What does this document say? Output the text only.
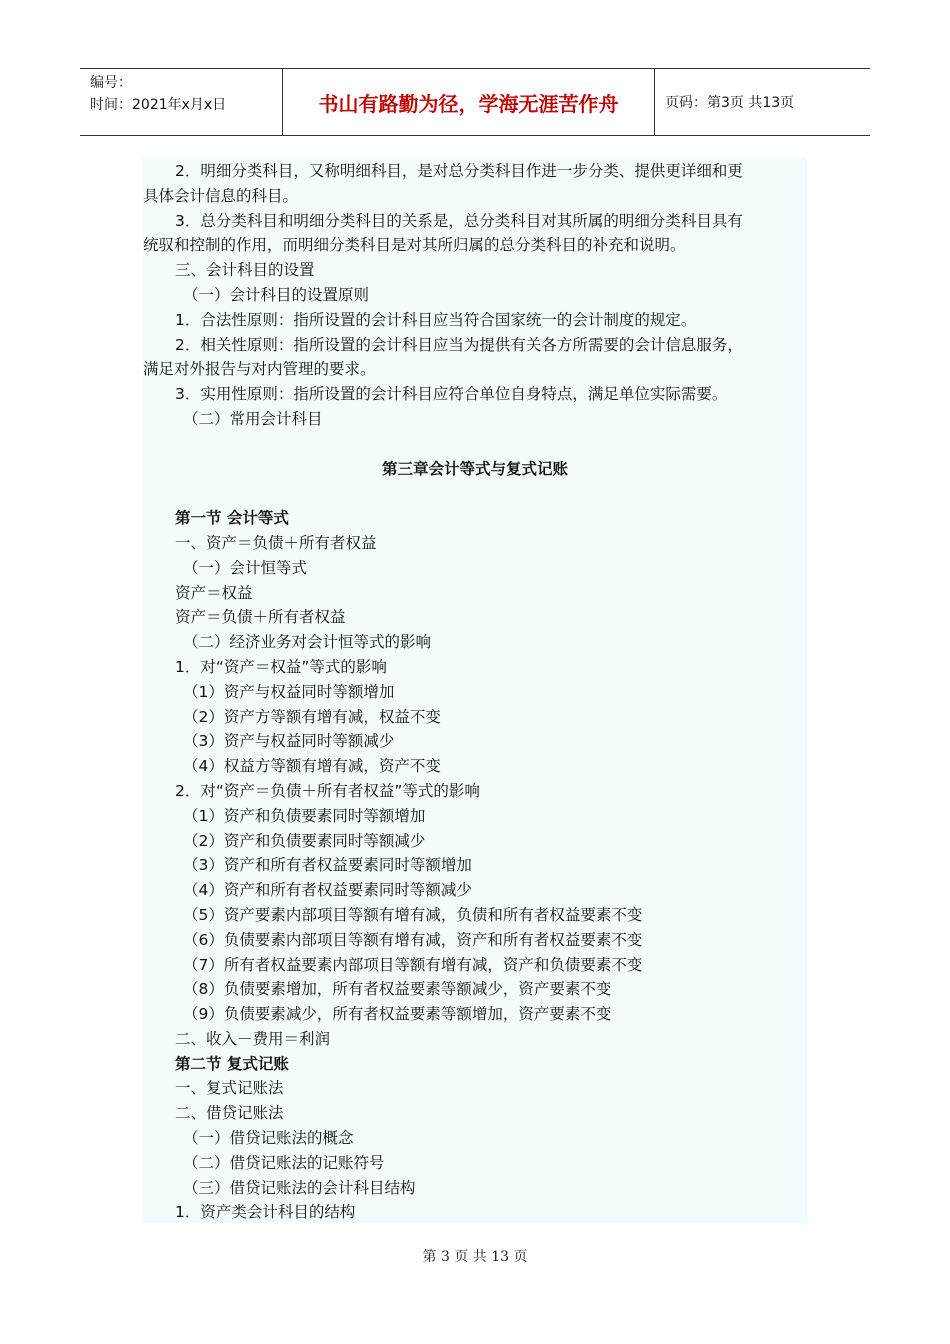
编号：
时间：2021年x月x日	书山有路勤为径，学海无涯苦作舟	页码：第3页 共13页
2．明细分类科目，又称明细科目，是对总分类科目作进一步分类、提供更详细和更
具体会计信息的科目。
3．总分类科目和明细分类科目的关系是，总分类科目对其所属的明细分类科目具有
统驭和控制的作用，而明细分类科目是对其所归属的总分类科目的补充和说明。
三、会计科目的设置
（一）会计科目的设置原则
1．合法性原则：指所设置的会计科目应当符合国家统一的会计制度的规定。
2．相关性原则：指所设置的会计科目应当为提供有关各方所需要的会计信息服务，
满足对外报告与对内管理的要求。
3．实用性原则：指所设置的会计科目应符合单位自身特点，满足单位实际需要。
（二）常用会计科目
第三章会计等式与复式记账
第一节 会计等式
一、资产＝负债＋所有者权益
（一）会计恒等式
资产＝权益
资产＝负债＋所有者权益
（二）经济业务对会计恒等式的影响
1．对“资产＝权益”等式的影响
（1）资产与权益同时等额增加
（2）资产方等额有增有减，权益不变
（3）资产与权益同时等额减少
（4）权益方等额有增有减，资产不变
2．对“资产＝负债＋所有者权益”等式的影响
（1）资产和负债要素同时等额增加
（2）资产和负债要素同时等额减少
（3）资产和所有者权益要素同时等额增加
（4）资产和所有者权益要素同时等额减少
（5）资产要素内部项目等额有增有减，负债和所有者权益要素不变
（6）负债要素内部项目等额有增有减，资产和所有者权益要素不变
（7）所有者权益要素内部项目等额有增有减，资产和负债要素不变
（8）负债要素增加，所有者权益要素等额减少，资产要素不变
（9）负债要素减少，所有者权益要素等额增加，资产要素不变
二、收入－费用＝利润
第二节 复式记账
一、复式记账法
二、借贷记账法
（一）借贷记账法的概念
（二）借贷记账法的记账符号
（三）借贷记账法的会计科目结构
1．资产类会计科目的结构
第 3 页 共 13 页
